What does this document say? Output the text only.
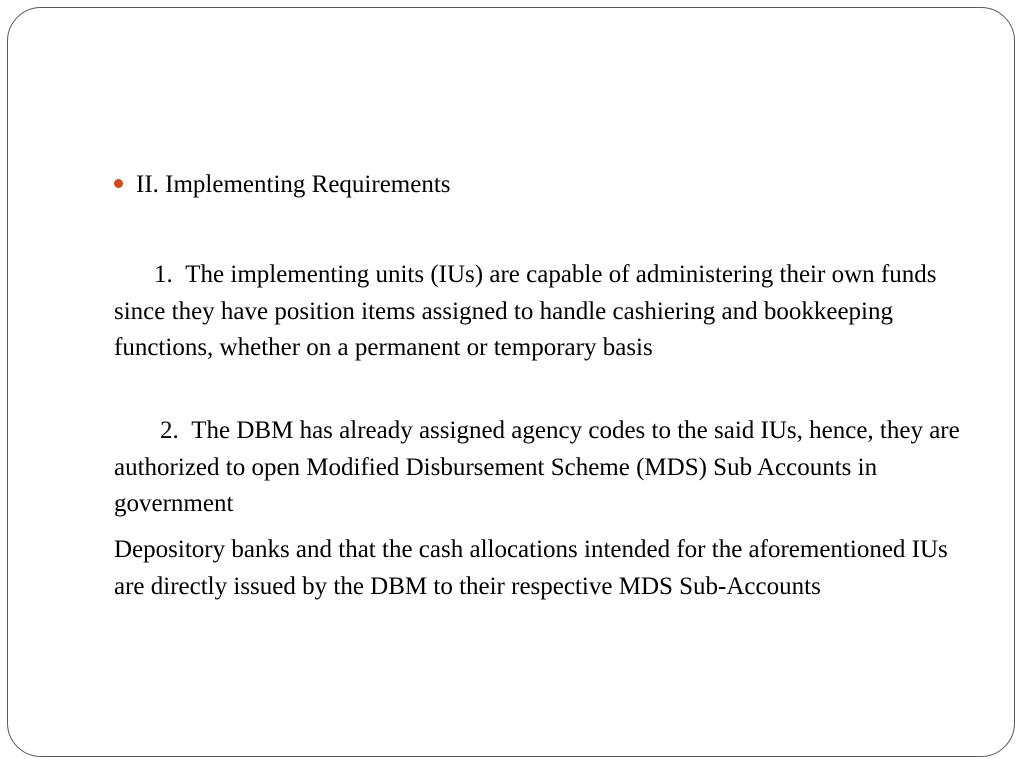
II. Implementing Requirements
1. The implementing units (IUs) are capable of administering their own funds since they have position items assigned to handle cashiering and bookkeeping functions, whether on a permanent or temporary basis
2. The DBM has already assigned agency codes to the said IUs, hence, they are authorized to open Modified Disbursement Scheme (MDS) Sub Accounts in government
Depository banks and that the cash allocations intended for the aforementioned IUs are directly issued by the DBM to their respective MDS Sub-Accounts
